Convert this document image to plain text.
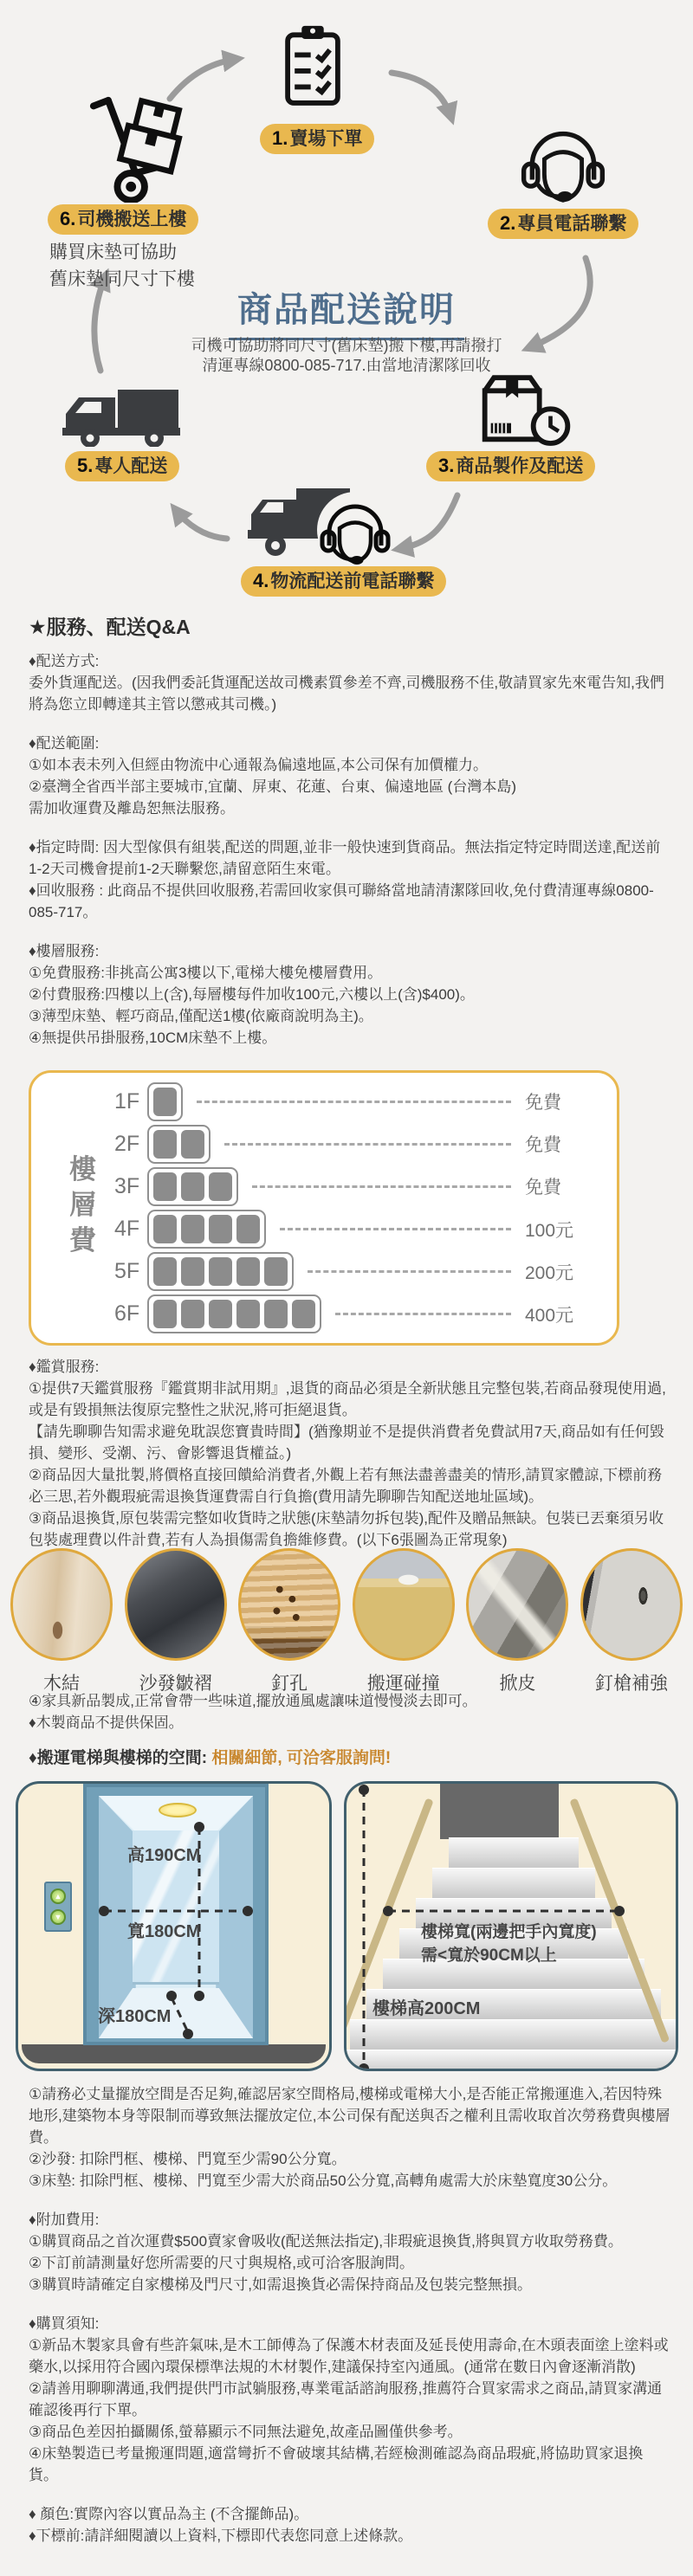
1.賣場下單
2.專員電話聯繫
3.商品製作及配送
4.物流配送前電話聯繫
5.專人配送
6.司機搬送上樓
購買床墊可協助
舊床墊同尺寸下樓
商品配送說明
司機可協助將同尺寸(舊床墊)搬下樓,再請撥打
清運專線0800-085-717.由當地清潔隊回收
★服務、配送Q&A
♦配送方式:
委外貨運配送。(因我們委託貨運配送故司機素質參差不齊,司機服務不佳,敬請買家先來電告知,我們將為您立即轉達其主管以懲戒其司機。)
♦配送範圍:
①如本表未列入但經由物流中心通報為偏遠地區,本公司保有加價權力。
②臺灣全省西半部主要城市,宜蘭、屏東、花蓮、台東、偏遠地區 (台灣本島)
需加收運費及離島恕無法服務。
♦指定時間: 因大型傢俱有組裝,配送的問題,並非一般快速到貨商品。無法指定特定時間送達,配送前1-2天司機會提前1-2天聯繫您,請留意陌生來電。
♦回收服務 : 此商品不提供回收服務,若需回收家俱可聯絡當地請清潔隊回收,免付費清運專線0800-085-717。
♦樓層服務:
①免費服務:非挑高公寓3樓以下,電梯大樓免樓層費用。
②付費服務:四樓以上(含),每層樓每件加收100元,六樓以上(含)$400)。
③薄型床墊、輕巧商品,僅配送1樓(依廠商說明為主)。
④無提供吊掛服務,10CM床墊不上樓。
樓層費
1F	免費
2F	免費
3F	免費
4F	100元
5F	200元
6F	400元
♦鑑賞服務:
①提供7天鑑賞服務『鑑賞期非試用期』,退貨的商品必須是全新狀態且完整包裝,若商品發現使用過,或是有毀損無法復原完整性之狀況,將可拒絕退貨。
【請先聊聊告知需求避免耽誤您寶貴時間】(猶豫期並不是提供消費者免費試用7天,商品如有任何毀損、變形、受潮、污、會影響退貨權益。)
②商品因大量批製,將價格直接回饋給消費者,外觀上若有無法盡善盡美的情形,請買家體諒,下標前務必三思,若外觀瑕疵需退換貨運費需自行負擔(費用請先聊聊告知配送地址區域)。
③商品退換貨,原包裝需完整如收貨時之狀態(床墊請勿拆包裝),配件及贈品無缺。包裝已丟棄須另收包裝處理費以件計費,若有人為損傷需負擔維修費。(以下6張圖為正常現象)
木結	沙發皺褶	釘孔	搬運碰撞	掀皮	釘槍補強
④家具新品製成,正常會帶一些味道,擺放通風處讓味道慢慢淡去即可。
♦木製商品不提供保固。
♦搬運電梯與樓梯的空間: 相關細節, 可洽客服詢問!
▲
▼
高190CM
寬180CM
深180CM
樓梯寬(兩邊把手內寬度)
需<寬於90CM以上
樓梯高200CM
①請務必丈量擺放空間是否足夠,確認居家空間格局,樓梯或電梯大小,是否能正常搬運進入,若因特殊地形,建築物本身等限制而導致無法擺放定位,本公司保有配送與否之權利且需收取首次勞務費與樓層費。
②沙發: 扣除門框、樓梯、門寬至少需90公分寬。
③床墊: 扣除門框、樓梯、門寬至少需大於商品50公分寬,高轉角處需大於床墊寬度30公分。
♦附加費用:
①購買商品之首次運費$500賣家會吸收(配送無法指定),非瑕疵退換貨,將與買方收取勞務費。
②下訂前請測量好您所需要的尺寸與規格,或可洽客服詢問。
③購買時請確定自家樓梯及門尺寸,如需退換貨必需保持商品及包裝完整無損。
♦購買須知:
①新品木製家具會有些許氣味,是木工師傅為了保護木材表面及延長使用壽命,在木頭表面塗上塗料或藥水,以採用符合國內環保標準法規的木材製作,建議保持室內通風。(通常在數日內會逐漸消散)
②請善用聊聊溝通,我們提供門市試躺服務,專業電話諮詢服務,推薦符合買家需求之商品,請買家溝通確認後再行下單。
③商品色差因拍攝關係,螢幕顯示不同無法避免,故產品圖僅供參考。
④床墊製造已考量搬運問題,適當彎折不會破壞其結構,若經檢測確認為商品瑕疵,將協助買家退換貨。
♦ 顏色:實際內容以實品為主 (不含擺飾品)。
♦下標前:請詳細閱讀以上資料,下標即代表您同意上述條款。
